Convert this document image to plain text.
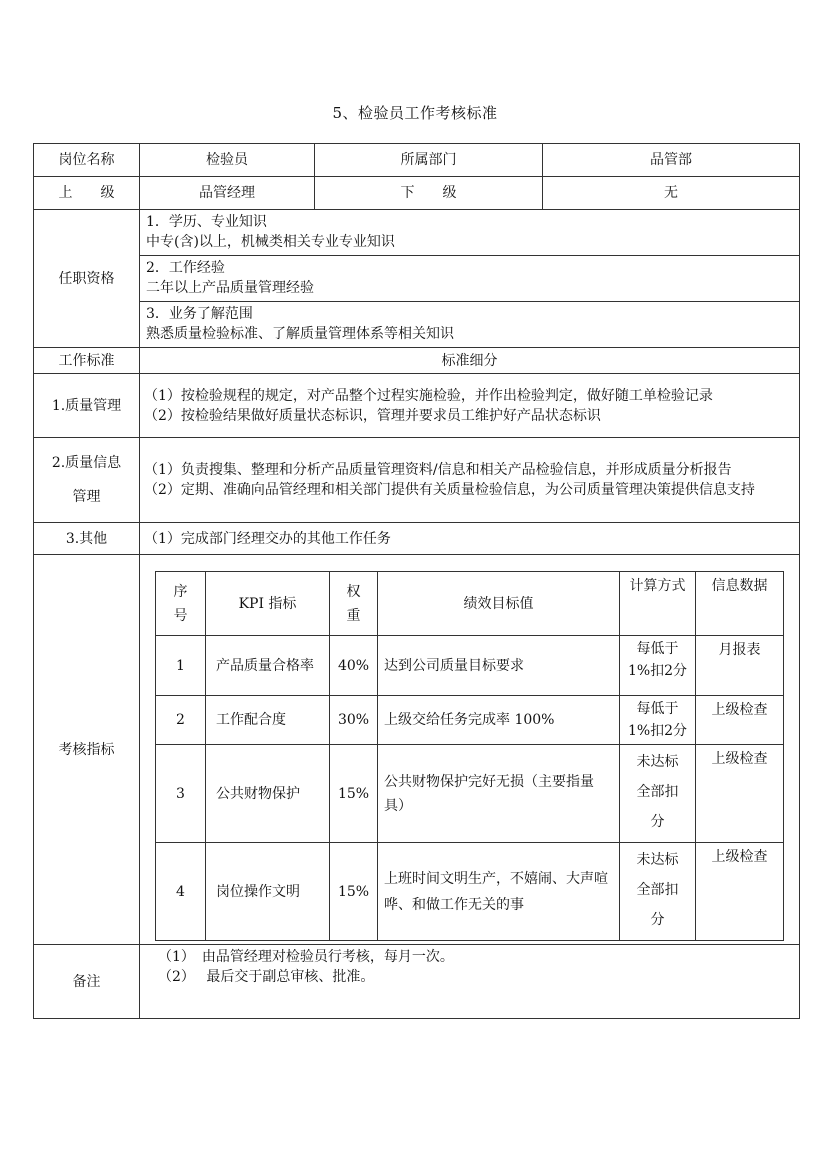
5、检验员工作考核标准
岗位名称	检验员	所属部门	品管部
上　　级	品管经理	下　　级	无
任职资格	
1．学历、专业知识
中专(含)以上，机械类相关专业专业知识
2．工作经验
二年以上产品质量管理经验
3．业务了解范围
熟悉质量检验标准、了解质量管理体系等相关知识

工作标准	标准细分
1.质量管理	
（1）按检验规程的规定，对产品整个过程实施检验，并作出检验判定，做好随工单检验记录
（2）按检验结果做好质量状态标识，管理并要求员工维护好产品状态标识

2.质量信息管理	
（1）负责搜集、整理和分析产品质量管理资料/信息和相关产品检验信息，并形成质量分析报告
（2）定期、准确向品管经理和相关部门提供有关质量检验信息，为公司质量管理决策提供信息支持

3.其他	（1）完成部门经理交办的其他工作任务

考核指标	
序号	KPI 指标	权重	绩效目标值	计算方式	信息数据
1	产品质量合格率	40%	达到公司质量目标要求	每低于1%扣2分	月报表
2	工作配合度	30%	上级交给任务完成率 100%	每低于1%扣2分	上级检查
3	公共财物保护	15%	公共财物保护完好无损（主要指量具）	未达标全部扣分	上级检查
4	岗位操作文明	15%	上班时间文明生产，不嬉闹、大声喧哗、和做工作无关的事	未达标全部扣分	上级检查

备注	
（1）　由品管经理对检验员行考核，每月一次。
（2）　 最后交于副总审核、批准。
